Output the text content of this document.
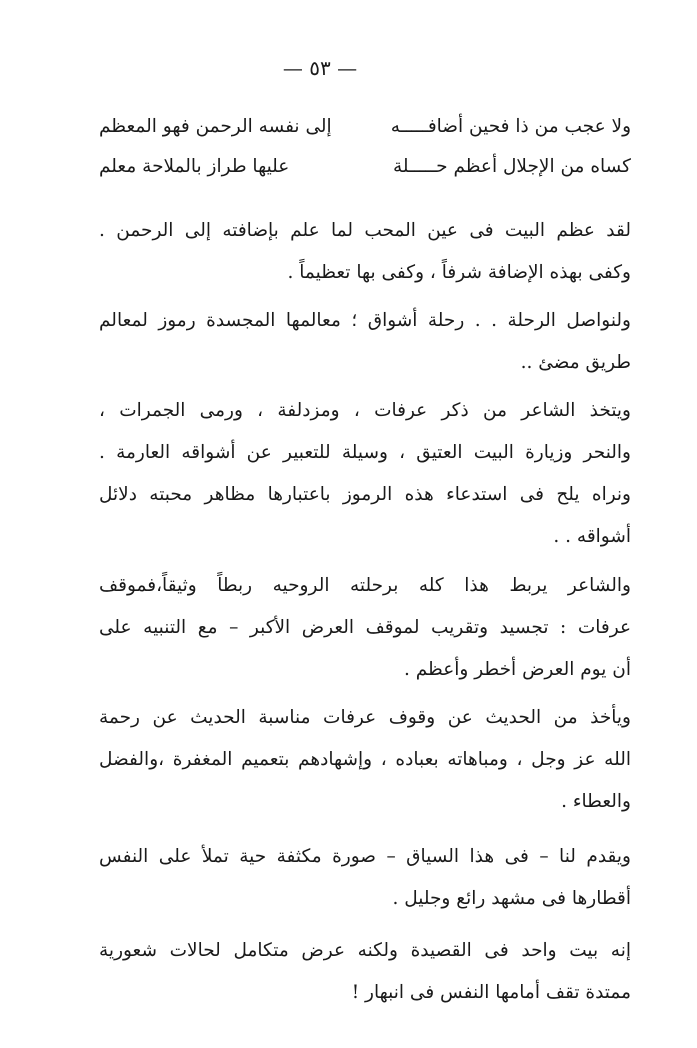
— ٥٣ —
ولا عجب من ذا فحين أضافـــــه
إلى نفسه الرحمن فهو المعظم
كساه من الإجلال أعظم حـــــلة
عليها طراز بالملاحة معلم
لقد عظم البيت فى عين المحب لما علم بإضافته إلى الرحمن .
وكفى بهذه الإضافة شرفاً ، وكفى بها تعظيماً .
ولنواصل الرحلة . . رحلة أشواق ؛ معالمها المجسدة رموز لمعالم
طريق مضئ ..
ويتخذ الشاعر من ذكر عرفات ، ومزدلفة ، ورمى الجمرات ،
والنحر وزيارة البيت العتيق ، وسيلة للتعبير عن أشواقه العارمة .
ونراه يلح فى استدعاء هذه الرموز باعتبارها مظاهر محبته دلائل
أشواقه . .
والشاعر يربط هذا كله برحلته الروحيه ربطاً وثيقاً،فموقف
عرفات : تجسيد وتقريب لموقف العرض الأكبر – مع التنبيه على
أن يوم العرض أخطر وأعظم .
ويأخذ من الحديث عن وقوف عرفات مناسبة الحديث عن رحمة
الله عز وجل ، ومباهاته بعباده ، وإشهادهم بتعميم المغفرة ،والفضل
والعطاء .
ويقدم لنا – فى هذا السياق – صورة مكثفة حية تملأ على النفس
أقطارها فى مشهد رائع وجليل .
إنه بيت واحد فى القصيدة ولكنه عرض متكامل لحالات شعورية
ممتدة تقف أمامها النفس فى انبهار !
